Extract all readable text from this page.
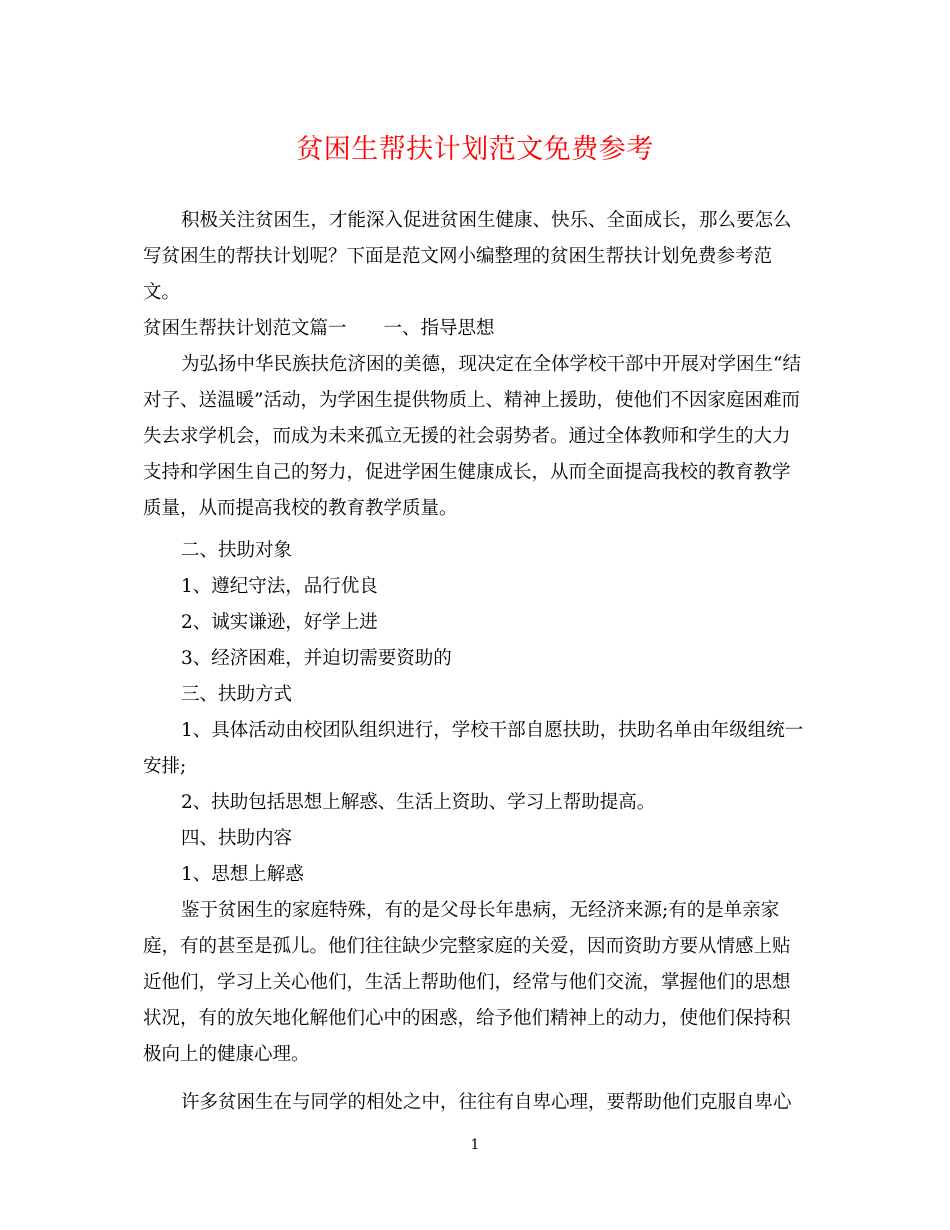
贫困生帮扶计划范文免费参考

积极关注贫困生，才能深入促进贫困生健康、快乐、全面成长，那么要怎么写贫困生的帮扶计划呢？下面是范文网小编整理的贫困生帮扶计划免费参考范文。

贫困生帮扶计划范文篇一　　一、指导思想

为弘扬中华民族扶危济困的美德，现决定在全体学校干部中开展对学困生“结对子、送温暖”活动，为学困生提供物质上、精神上援助，使他们不因家庭困难而失去求学机会，而成为未来孤立无援的社会弱势者。通过全体教师和学生的大力支持和学困生自己的努力，促进学困生健康成长，从而全面提高我校的教育教学质量，从而提高我校的教育教学质量。

二、扶助对象

1、遵纪守法，品行优良

2、诚实谦逊，好学上进

3、经济困难，并迫切需要资助的

三、扶助方式

1、具体活动由校团队组织进行，学校干部自愿扶助，扶助名单由年级组统一安排;

2、扶助包括思想上解惑、生活上资助、学习上帮助提高。

四、扶助内容

1、思想上解惑

鉴于贫困生的家庭特殊，有的是父母长年患病，无经济来源;有的是单亲家庭，有的甚至是孤儿。他们往往缺少完整家庭的关爱，因而资助方要从情感上贴近他们，学习上关心他们，生活上帮助他们，经常与他们交流，掌握他们的思想状况，有的放矢地化解他们心中的困惑，给予他们精神上的动力，使他们保持积极向上的健康心理。

许多贫困生在与同学的相处之中，往往有自卑心理，要帮助他们克服自卑心

1
